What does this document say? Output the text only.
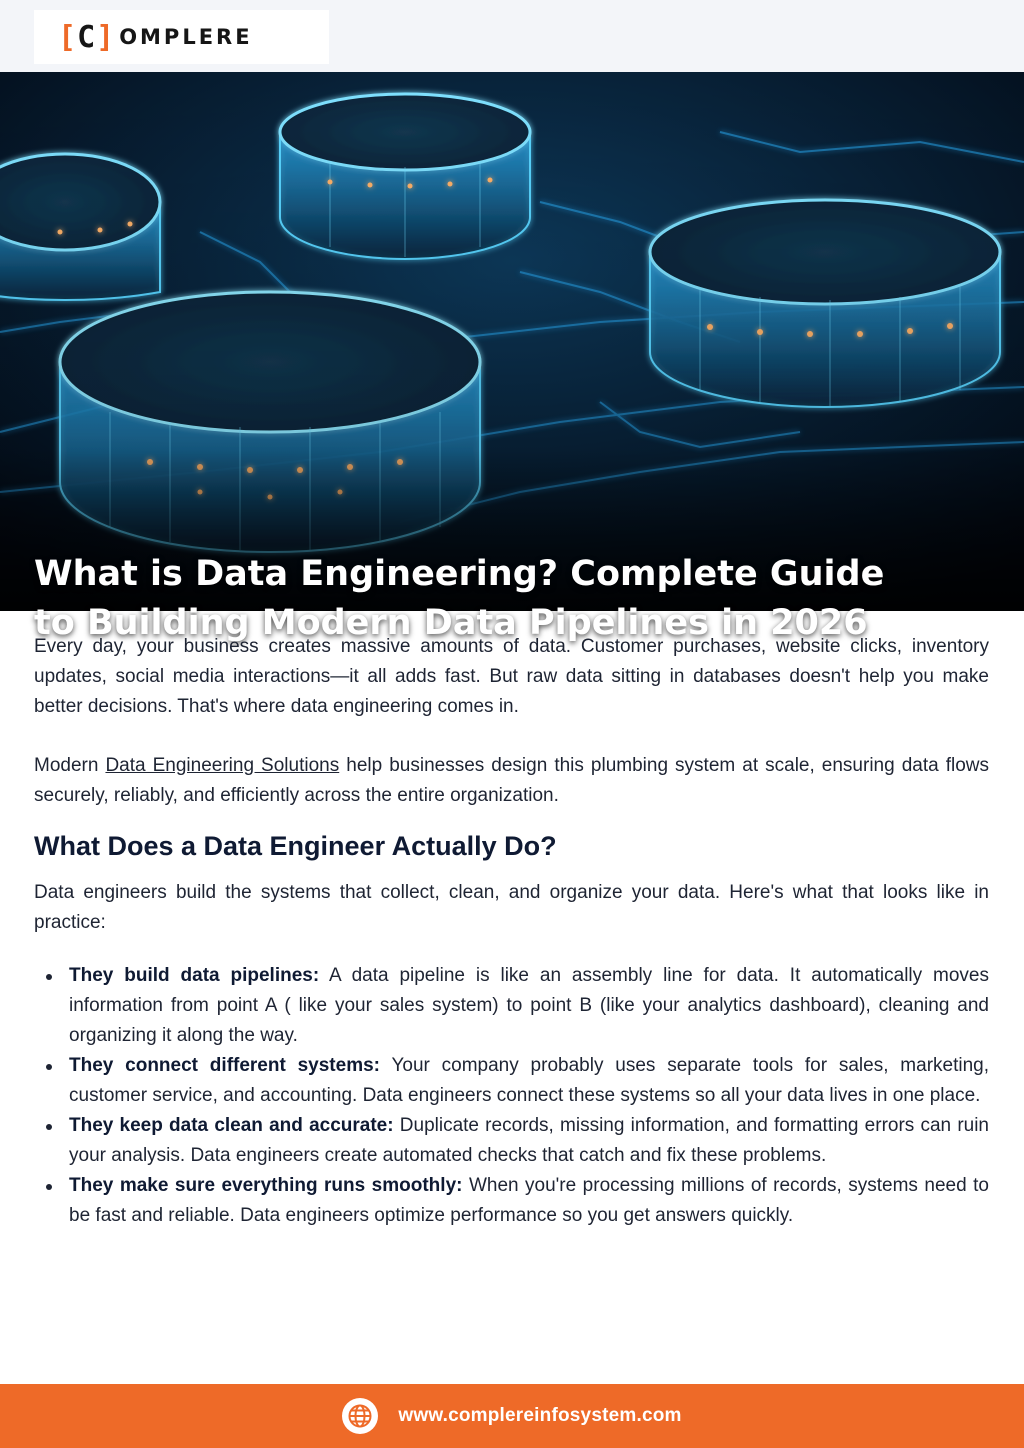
[ C ] OMPLERE
What is Data Engineering? Complete Guide
to Building Modern Data Pipelines in 2026

Every day, your business creates massive amounts of data. Customer purchases, website clicks, inventory updates, social media interactions—it all adds fast. But raw data sitting in databases doesn't help you make better decisions. That's where data engineering comes in.

Modern Data Engineering Solutions help businesses design this plumbing system at scale, ensuring data flows securely, reliably, and efficiently across the entire organization.

What Does a Data Engineer Actually Do?

Data engineers build the systems that collect, clean, and organize your data. Here's what that looks like in practice:

They build data pipelines: A data pipeline is like an assembly line for data. It automatically moves information from point A ( like your sales system) to point B (like your analytics dashboard), cleaning and organizing it along the way.
They connect different systems: Your company probably uses separate tools for sales, marketing, customer service, and accounting. Data engineers connect these systems so all your data lives in one place.
They keep data clean and accurate: Duplicate records, missing information, and formatting errors can ruin your analysis. Data engineers create automated checks that catch and fix these problems.
They make sure everything runs smoothly: When you're processing millions of records, systems need to be fast and reliable. Data engineers optimize performance so you get answers quickly.
www.complereinfosystem.com
